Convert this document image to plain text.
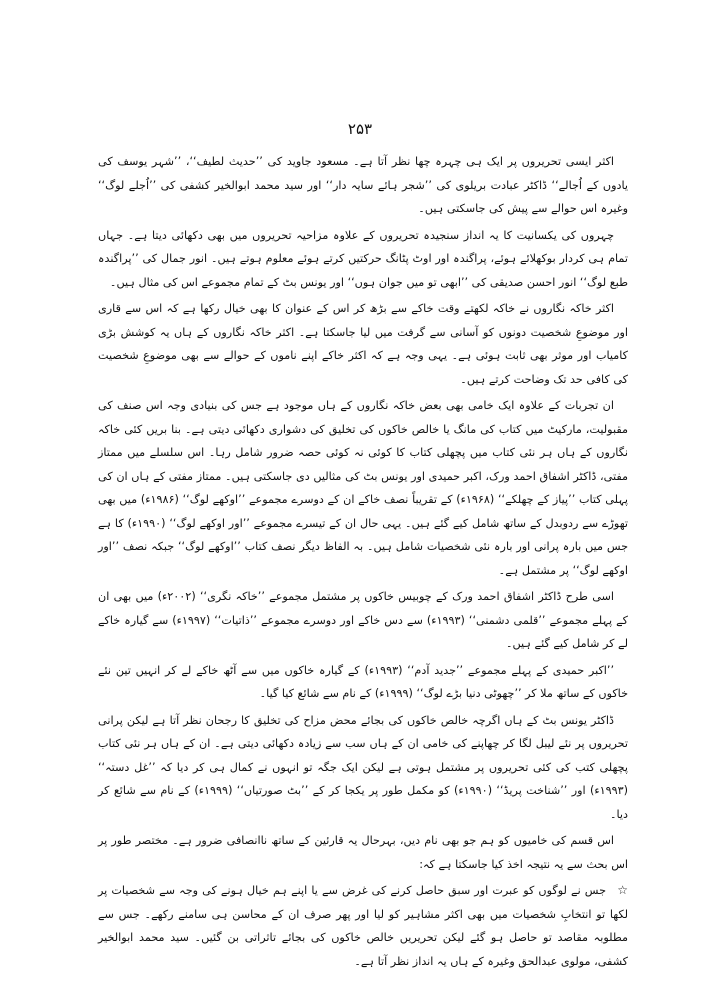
۲۵۳

اکثر ایسی تحریروں پر ایک ہی چہرہ چھا نظر آتا ہے۔ مسعود جاوید کی ’’حدیث لطیف‘‘، ’’شہر یوسف کی یادوں کے اُجالے‘‘ ڈاکٹر عبادت بریلوی کی ’’شجر ہائے سایہ دار‘‘ اور سید محمد ابوالخیر کشفی کی ’’اُجلے لوگ‘‘ وغیرہ اس حوالے سے پیش کی جاسکتی ہیں۔

چہروں کی یکسانیت کا یہ انداز سنجیدہ تحریروں کے علاوہ مزاحیہ تحریروں میں بھی دکھائی دیتا ہے۔ جہاں تمام ہی کردار بوکھلائے ہوئے، پراگندہ اور اوٹ پٹانگ حرکتیں کرتے ہوئے معلوم ہوتے ہیں۔ انور جمال کی ’’پراگندہ طبع لوگ‘‘ انور احسن صدیقی کی ’’ابھی تو میں جوان ہوں‘‘ اور یونس بٹ کے تمام مجموعے اس کی مثال ہیں۔

اکثر خاکہ نگاروں نے خاکہ لکھتے وقت خاکے سے بڑھ کر اس کے عنوان کا بھی خیال رکھا ہے کہ اس سے قاری اور موضوعِ شخصیت دونوں کو آسانی سے گرفت میں لیا جاسکتا ہے۔ اکثر خاکہ نگاروں کے ہاں یہ کوشش بڑی کامیاب اور موثر بھی ثابت ہوئی ہے۔ یہی وجہ ہے کہ اکثر خاکے اپنے ناموں کے حوالے سے بھی موضوعِ شخصیت کی کافی حد تک وضاحت کرتے ہیں۔

ان تجربات کے علاوہ ایک خامی بھی بعض خاکہ نگاروں کے ہاں موجود ہے جس کی بنیادی وجہ اس صنف کی مقبولیت، مارکیٹ میں کتاب کی مانگ یا خالص خاکوں کی تخلیق کی دشواری دکھائی دیتی ہے۔ بنا بریں کئی خاکہ نگاروں کے ہاں ہر نئی کتاب میں پچھلی کتاب کا کوئی نہ کوئی حصہ ضرور شامل رہا۔ اس سلسلے میں ممتاز مفتی، ڈاکٹر اشفاق احمد ورک، اکبر حمیدی اور یونس بٹ کی مثالیں دی جاسکتی ہیں۔ ممتاز مفتی کے ہاں ان کی پہلی کتاب ’’پیاز کے چھلکے‘‘ (۱۹۶۸ء) کے تقریباً نصف خاکے ان کے دوسرے مجموعے ’’اوکھے لوگ‘‘ (۱۹۸۶ء) میں بھی تھوڑے سے ردوبدل کے ساتھ شامل کیے گئے ہیں۔ یہی حال ان کے تیسرے مجموعے ’’اور اوکھے لوگ‘‘ (۱۹۹۰ء) کا ہے جس میں بارہ پرانی اور بارہ نئی شخصیات شامل ہیں۔ بہ الفاظ دیگر نصف کتاب ’’اوکھے لوگ‘‘ جبکہ نصف ’’اور اوکھے لوگ‘‘ پر مشتمل ہے۔

اسی طرح ڈاکٹر اشفاق احمد ورک کے چوبیس خاکوں پر مشتمل مجموعے ’’خاکہ نگری‘‘ (۲۰۰۲ء) میں بھی ان کے پہلے مجموعے ’’قلمی دشمنی‘‘ (۱۹۹۳ء) سے دس خاکے اور دوسرے مجموعے ’’ذاتیات‘‘ (۱۹۹۷ء) سے گیارہ خاکے لے کر شامل کیے گئے ہیں۔

’’اکبر حمیدی کے پہلے مجموعے ’’جدید آدم‘‘ (۱۹۹۳ء) کے گیارہ خاکوں میں سے آٹھ خاکے لے کر انہیں تین نئے خاکوں کے ساتھ ملا کر ’’چھوٹی دنیا بڑے لوگ‘‘ (۱۹۹۹ء) کے نام سے شائع کیا گیا۔

ڈاکٹر یونس بٹ کے ہاں اگرچہ خالص خاکوں کی بجائے محض مزاح کی تخلیق کا رجحان نظر آتا ہے لیکن پرانی تحریروں پر نئے لیبل لگا کر چھاپنے کی خامی ان کے ہاں سب سے زیادہ دکھائی دیتی ہے۔ ان کے ہاں ہر نئی کتاب پچھلی کتب کی کئی تحریروں پر مشتمل ہوتی ہے لیکن ایک جگہ تو انہوں نے کمال ہی کر دیا کہ ’’غل دستہ‘‘ (۱۹۹۳ء) اور ’’شناخت پریڈ‘‘ (۱۹۹۰ء) کو مکمل طور پر یکجا کر کے ’’بٹ صورتیاں‘‘ (۱۹۹۹ء) کے نام سے شائع کر دیا۔

اس قسم کی خامیوں کو ہم جو بھی نام دیں، بہرحال یہ قارئین کے ساتھ ناانصافی ضرور ہے۔ مختصر طور پر اس بحث سے یہ نتیجہ اخذ کیا جاسکتا ہے کہ:

☆جس نے لوگوں کو عبرت اور سبق حاصل کرنے کی غرض سے یا اپنے ہم خیال ہونے کی وجہ سے شخصیات پر لکھا تو انتخابِ شخصیات میں بھی اکثر مشاہیر کو لیا اور پھر صرف ان کے محاسن ہی سامنے رکھے۔ جس سے مطلوبہ مقاصد تو حاصل ہو گئے لیکن تحریریں خالص خاکوں کی بجائے تاثراتی بن گئیں۔ سید محمد ابوالخیر کشفی، مولوی عبدالحق وغیرہ کے ہاں یہ انداز نظر آتا ہے۔
